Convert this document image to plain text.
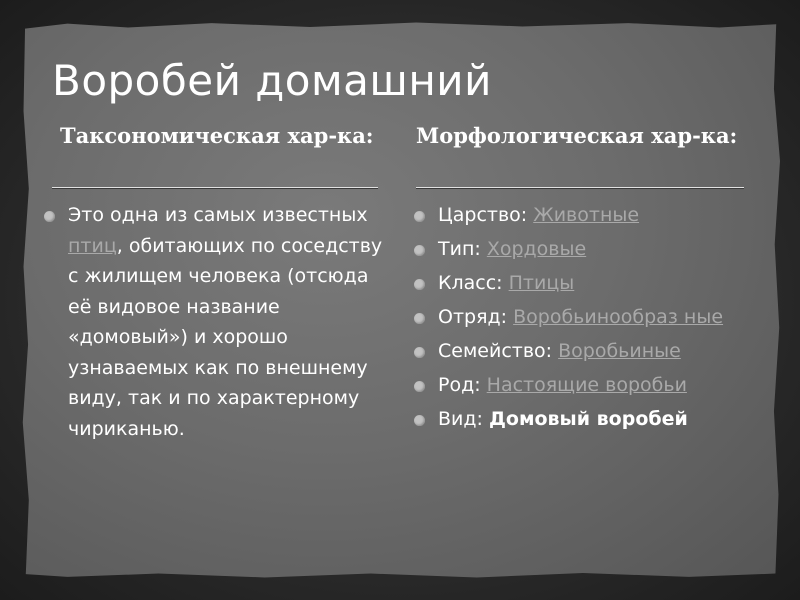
Воробей домашний
Таксономическая хар-ка:	Морфологическая хар-ка:
Это одна из самых известных птиц, обитающих по соседству с жилищем человека (отсюда её видовое название «домовый») и хорошо узнаваемых как по внешнему виду, так и по характерному чириканью.
Царство: Животные
Тип: Хордовые
Класс: Птицы
Отряд: Воробьинообраз ные
Семейство: Воробьиные
Род: Настоящие воробьи
Вид: Домовый воробей
